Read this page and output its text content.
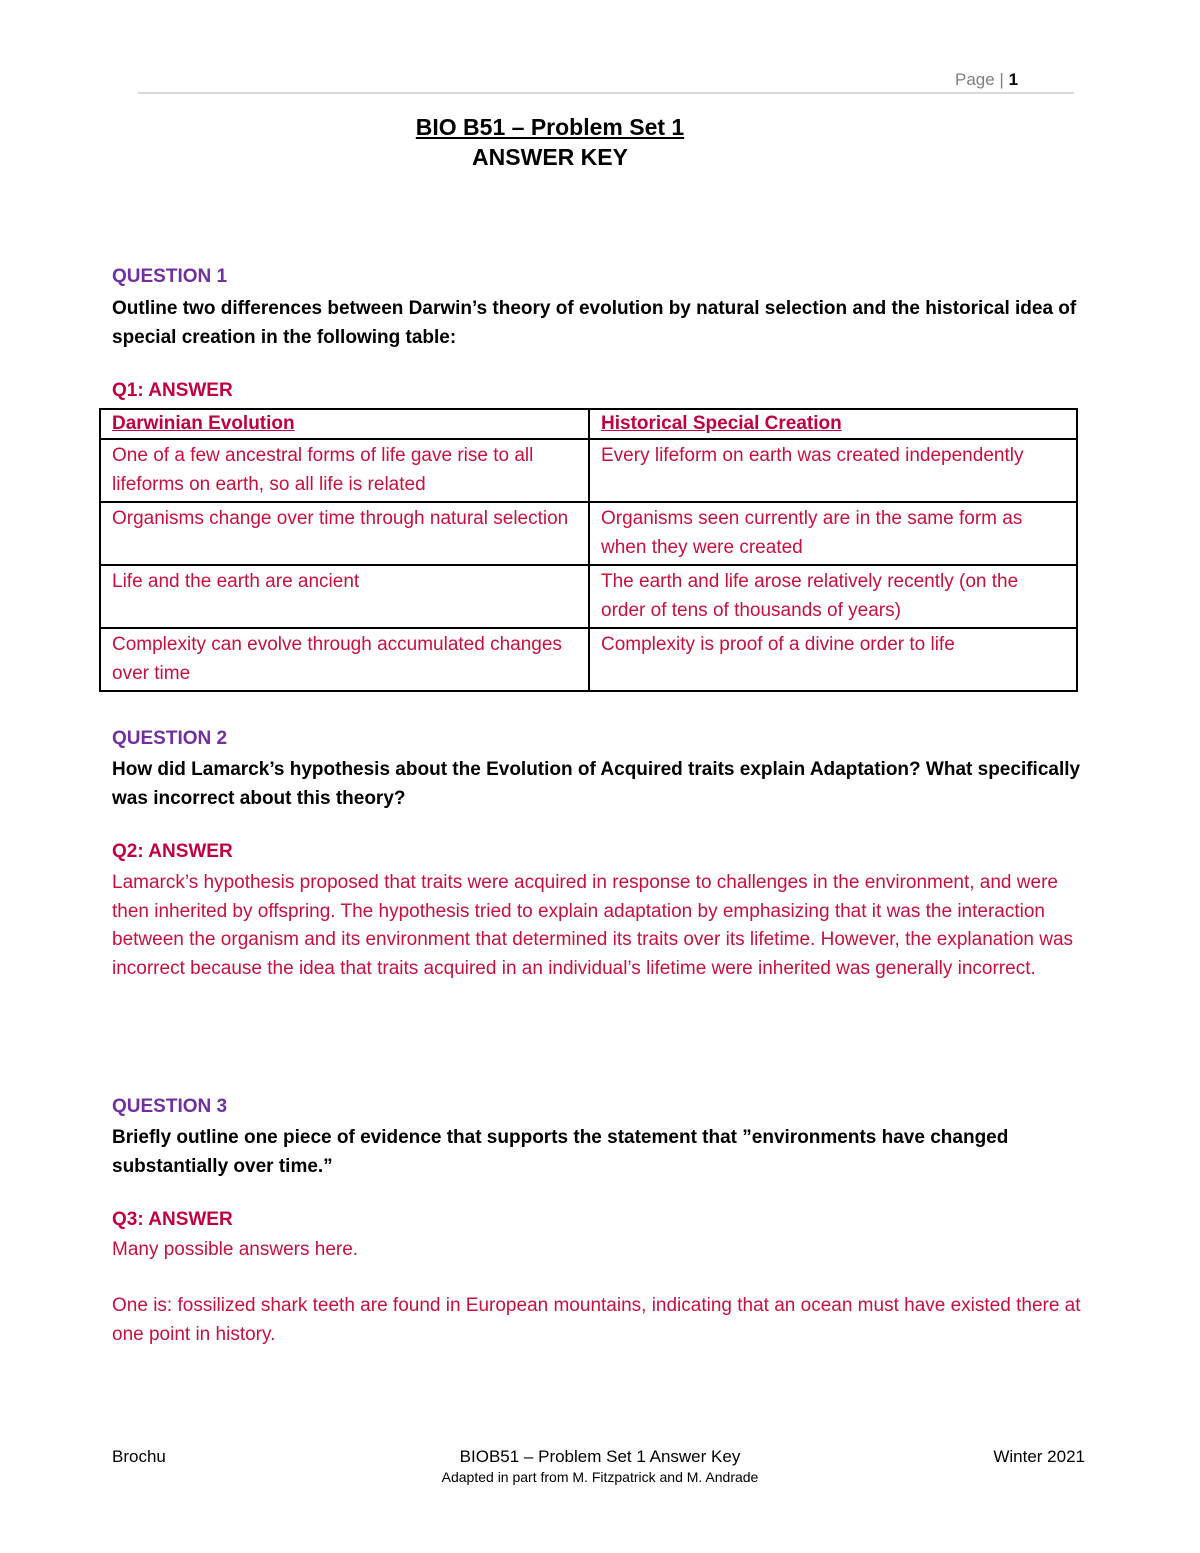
Page | 1
BIO B51 – Problem Set 1
ANSWER KEY
QUESTION 1
Outline two differences between Darwin’s theory of evolution by natural selection and the historical idea of special creation in the following table:
Q1: ANSWER
Darwinian Evolution	Historical Special Creation
One of a few ancestral forms of life gave rise to all lifeforms on earth, so all life is related	Every lifeform on earth was created independently
Organisms change over time through natural selection	Organisms seen currently are in the same form as when they were created
Life and the earth are ancient	The earth and life arose relatively recently (on the order of tens of thousands of years)
Complexity can evolve through accumulated changes over time	Complexity is proof of a divine order to life
QUESTION 2
How did Lamarck’s hypothesis about the Evolution of Acquired traits explain Adaptation? What specifically was incorrect about this theory?
Q2: ANSWER
Lamarck’s hypothesis proposed that traits were acquired in response to challenges in the environment, and were then inherited by offspring. The hypothesis tried to explain adaptation by emphasizing that it was the interaction between the organism and its environment that determined its traits over its lifetime. However, the explanation was incorrect because the idea that traits acquired in an individual’s lifetime were inherited was generally incorrect.
QUESTION 3
Briefly outline one piece of evidence that supports the statement that ”environments have changed substantially over time.”
Q3: ANSWER
Many possible answers here.
One is: fossilized shark teeth are found in European mountains, indicating that an ocean must have existed there at one point in history.
Brochu	BIOB51 – Problem Set 1 Answer Key	Winter 2021
Adapted in part from M. Fitzpatrick and M. Andrade
